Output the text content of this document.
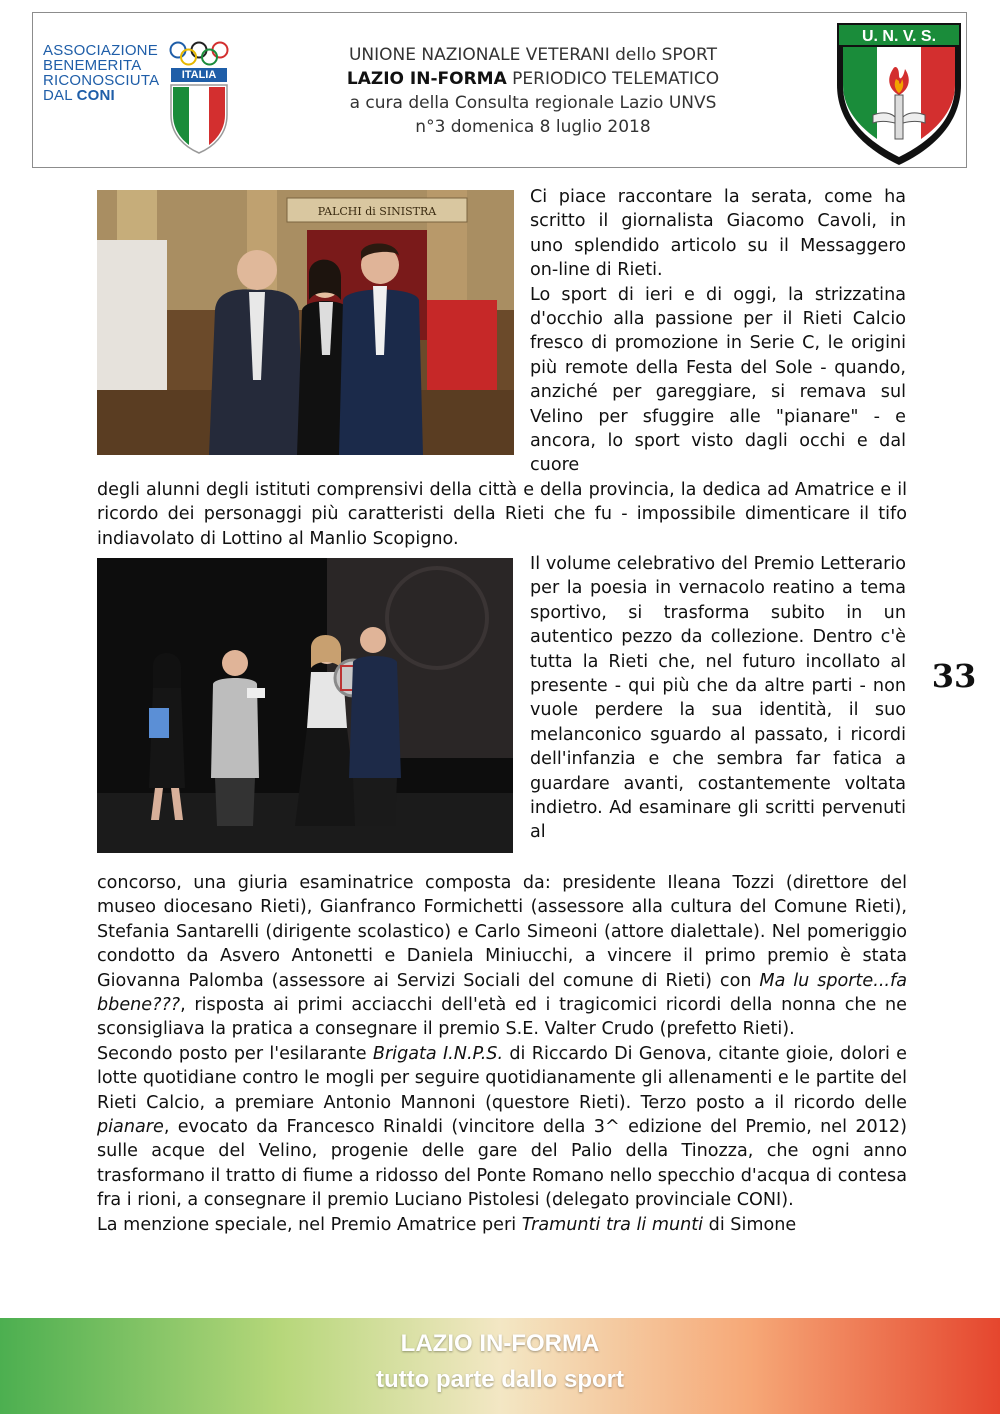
ASSOCIAZIONE
BENEMERITA
RICONOSCIUTA
DAL CONI
ITALIA
UNIONE NAZIONALE VETERANI dello SPORT
LAZIO IN-FORMA PERIODICO TELEMATICO
a cura della Consulta regionale Lazio UNVS
n°3 domenica 8 luglio 2018
U. N. V. S.
PALCHI di SINISTRA

Ci piace raccontare la serata, come ha scritto il giornalista Giacomo Cavoli, in uno splendido articolo su il Messaggero on-line di Rieti.

Lo sport di ieri e di oggi, la strizzatina d'occhio alla passione per il Rieti Calcio fresco di promozione in Serie C, le origini più remote della Festa del Sole - quando, anziché per gareggiare, si remava sul Velino per sfuggire alle "pianare" - e ancora, lo sport visto dagli occhi e dal cuore

degli alunni degli istituti comprensivi della città e della provincia, la dedica ad Amatrice e il ricordo dei personaggi più caratteristi della Rieti che fu - impossibile dimenticare il tifo indiavolato di Lottino al Manlio Scopigno.

Il volume celebrativo del Premio Letterario per la poesia in vernacolo reatino a tema sportivo, si trasforma subito in un autentico pezzo da collezione. Dentro c'è tutta la Rieti che, nel futuro incollato al presente - qui più che da altre parti - non vuole perdere la sua identità, il suo melanconico sguardo al passato, i ricordi dell'infanzia e che sembra far fatica a guardare avanti, costantemente voltata indietro. Ad esaminare gli scritti pervenuti al

concorso, una giuria esaminatrice composta da: presidente Ileana Tozzi (direttore del museo diocesano Rieti), Gianfranco Formichetti (assessore alla cultura del Comune Rieti), Stefania Santarelli (dirigente scolastico) e Carlo Simeoni (attore dialettale). Nel pomeriggio condotto da Asvero Antonetti e Daniela Miniucchi, a vincere il primo premio è stata Giovanna Palomba (assessore ai Servizi Sociali del comune di Rieti) con Ma lu sporte...fa bbene???, risposta ai primi acciacchi dell'età ed i tragicomici ricordi della nonna che ne sconsigliava la pratica a consegnare il premio S.E. Valter Crudo (prefetto Rieti).

Secondo posto per l'esilarante Brigata I.N.P.S. di Riccardo Di Genova, citante gioie, dolori e lotte quotidiane contro le mogli per seguire quotidianamente gli allenamenti e le partite del Rieti Calcio, a premiare Antonio Mannoni (questore Rieti). Terzo posto a il ricordo delle pianare, evocato da Francesco Rinaldi (vincitore della 3^ edizione del Premio, nel 2012) sulle acque del Velino, progenie delle gare del Palio della Tinozza, che ogni anno trasformano il tratto di fiume a ridosso del Ponte Romano nello specchio d'acqua di contesa fra i rioni, a consegnare il premio Luciano Pistolesi (delegato provinciale CONI).

La menzione speciale, nel Premio Amatrice peri Tramunti tra li munti di Simone

33
LAZIO IN-FORMA
tutto parte dallo sport
